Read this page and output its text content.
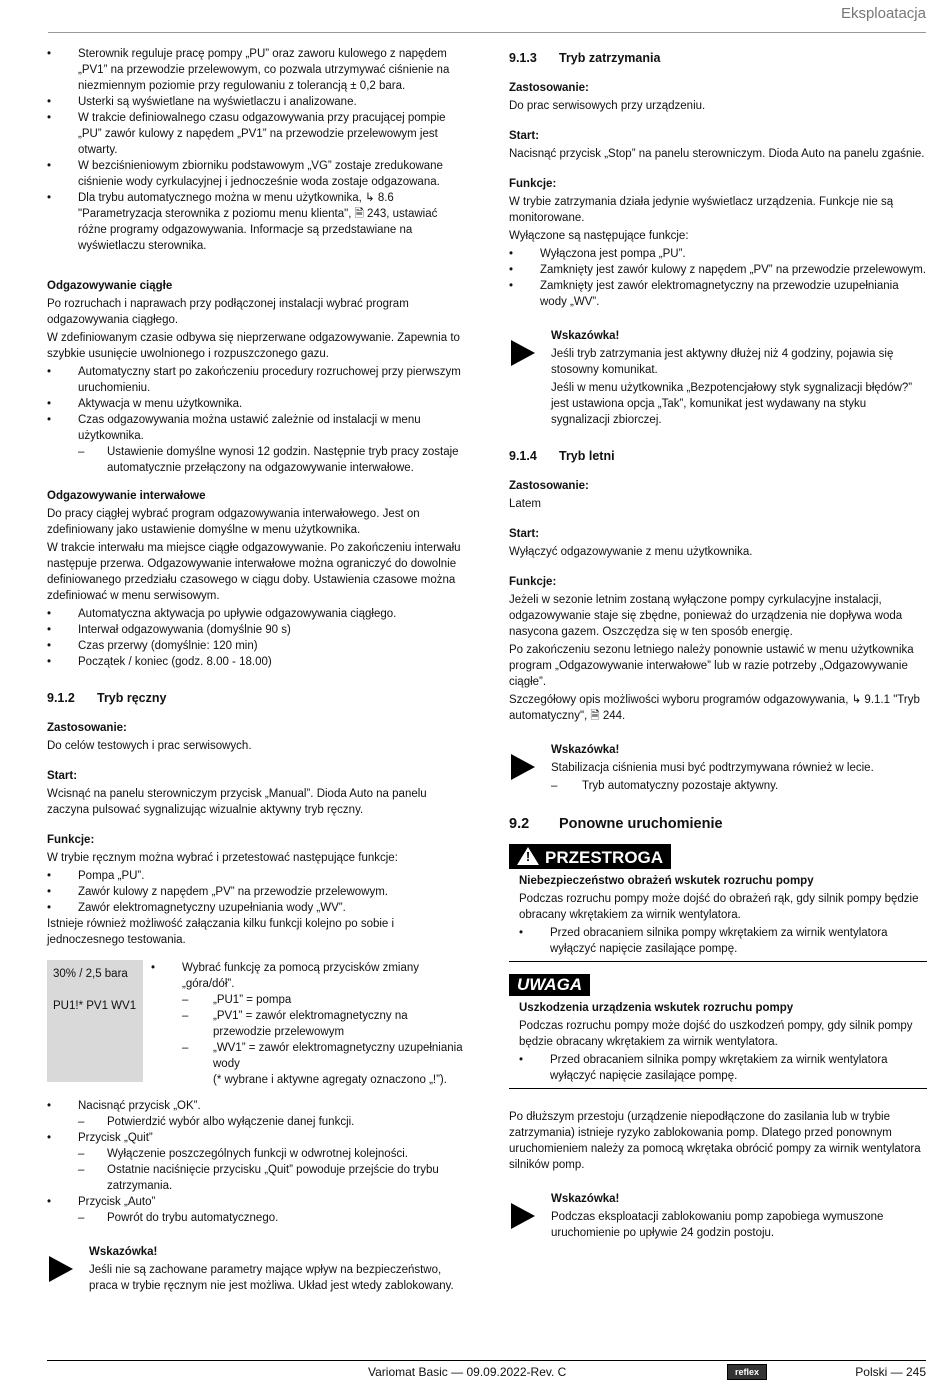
Eksploatacja
• Sterownik reguluje pracę pompy „PU” oraz zaworu kulowego z napędem „PV1” na przewodzie przelewowym, co pozwala utrzymywać ciśnienie na niezmiennym poziomie przy regulowaniu z tolerancją ± 0,2 bara.
• Usterki są wyświetlane na wyświetlaczu i analizowane.
• W trakcie definiowalnego czasu odgazowywania przy pracującej pompie „PU” zawór kulowy z napędem „PV1” na przewodzie przelewowym jest otwarty.
• W bezciśnieniowym zbiorniku podstawowym „VG” zostaje zredukowane ciśnienie wody cyrkulacyjnej i jednocześnie woda zostaje odgazowana.
• Dla trybu automatycznego można w menu użytkownika, ↳ 8.6 "Parametryzacja sterownika z poziomu menu klienta", 🗎 243, ustawiać różne programy odgazowywania. Informacje są przedstawiane na wyświetlaczu sterownika.

Odgazowywanie ciągłe

Po rozruchach i naprawach przy podłączonej instalacji wybrać program odgazowywania ciągłego.

W zdefiniowanym czasie odbywa się nieprzerwane odgazowywanie. Zapewnia to szybkie usunięcie uwolnionego i rozpuszczonego gazu.

• Automatyczny start po zakończeniu procedury rozruchowej przy pierwszym uruchomieniu.
• Aktywacja w menu użytkownika.
• Czas odgazowywania można ustawić zależnie od instalacji w menu użytkownika.
– Ustawienie domyślne wynosi 12 godzin. Następnie tryb pracy zostaje automatycznie przełączony na odgazowywanie interwałowe.

Odgazowywanie interwałowe

Do pracy ciągłej wybrać program odgazowywania interwałowego. Jest on zdefiniowany jako ustawienie domyślne w menu użytkownika.

W trakcie interwału ma miejsce ciągłe odgazowywanie. Po zakończeniu interwału następuje przerwa. Odgazowywanie interwałowe można ograniczyć do dowolnie definiowanego przedziału czasowego w ciągu doby. Ustawienia czasowe można zdefiniować w menu serwisowym.

• Automatyczna aktywacja po upływie odgazowywania ciągłego.
• Interwał odgazowywania (domyślnie 90 s)
• Czas przerwy (domyślnie: 120 min)
• Początek / koniec (godz. 8.00 - 18.00)
9.1.2 Tryb ręczny

Zastosowanie:

Do celów testowych i prac serwisowych.

Start:

Wcisnąć na panelu sterowniczym przycisk „Manual”. Dioda Auto na panelu zaczyna pulsować sygnalizując wizualnie aktywny tryb ręczny.

Funkcje:

W trybie ręcznym można wybrać i przetestować następujące funkcje:

• Pompa „PU”.
• Zawór kulowy z napędem „PV” na przewodzie przelewowym.
• Zawór elektromagnetyczny uzupełniania wody „WV”.

Istnieje również możliwość załączania kilku funkcji kolejno po sobie i jednoczesnego testowania.

30% / 2,5 bara
PU1!* PV1 WV1
• Wybrać funkcję za pomocą przycisków zmiany „góra/dół”.
– „PU1” = pompa
– „PV1” = zawór elektromagnetyczny na przewodzie przelewowym
– „WV1” = zawór elektromagnetyczny uzupełniania wody

(* wybrane i aktywne agregaty oznaczono „!”).

• Nacisnąć przycisk „OK”.
– Potwierdzić wybór albo wyłączenie danej funkcji.
• Przycisk „Quit”
– Wyłączenie poszczególnych funkcji w odwrotnej kolejności.
– Ostatnie naciśnięcie przycisku „Quit” powoduje przejście do trybu zatrzymania.
• Przycisk „Auto”
– Powrót do trybu automatycznego.

Wskazówka!

Jeśli nie są zachowane parametry mające wpływ na bezpieczeństwo, praca w trybie ręcznym nie jest możliwa. Układ jest wtedy zablokowany.

9.1.3 Tryb zatrzymania

Zastosowanie:

Do prac serwisowych przy urządzeniu.

Start:

Nacisnąć przycisk „Stop” na panelu sterowniczym. Dioda Auto na panelu zgaśnie.

Funkcje:

W trybie zatrzymania działa jedynie wyświetlacz urządzenia. Funkcje nie są monitorowane.

Wyłączone są następujące funkcje:

• Wyłączona jest pompa „PU”.
• Zamknięty jest zawór kulowy z napędem „PV” na przewodzie przelewowym.
• Zamknięty jest zawór elektromagnetyczny na przewodzie uzupełniania wody „WV”.

Wskazówka!

Jeśli tryb zatrzymania jest aktywny dłużej niż 4 godziny, pojawia się stosowny komunikat.

Jeśli w menu użytkownika „Bezpotencjałowy styk sygnalizacji błędów?” jest ustawiona opcja „Tak”, komunikat jest wydawany na styku sygnalizacji zbiorczej.

9.1.4 Tryb letni

Zastosowanie:

Latem

Start:

Wyłączyć odgazowywanie z menu użytkownika.

Funkcje:

Jeżeli w sezonie letnim zostaną wyłączone pompy cyrkulacyjne instalacji, odgazowywanie staje się zbędne, ponieważ do urządzenia nie dopływa woda nasycona gazem. Oszczędza się w ten sposób energię.

Po zakończeniu sezonu letniego należy ponownie ustawić w menu użytkownika program „Odgazowywanie interwałowe” lub w razie potrzeby „Odgazowywanie ciągłe”.

Szczegółowy opis możliwości wyboru programów odgazowywania, ↳ 9.1.1 "Tryb automatyczny", 🗎 244.

Wskazówka!

Stabilizacja ciśnienia musi być podtrzymywana również w lecie.

– Tryb automatyczny pozostaje aktywny.
9.2 Ponowne uruchomienie
! PRZESTROGA

Niebezpieczeństwo obrażeń wskutek rozruchu pompy

Podczas rozruchu pompy może dojść do obrażeń rąk, gdy silnik pompy będzie obracany wkrętakiem za wirnik wentylatora.

• Przed obracaniem silnika pompy wkrętakiem za wirnik wentylatora wyłączyć napięcie zasilające pompę.
UWAGA

Uszkodzenia urządzenia wskutek rozruchu pompy

Podczas rozruchu pompy może dojść do uszkodzeń pompy, gdy silnik pompy będzie obracany wkrętakiem za wirnik wentylatora.

• Przed obracaniem silnika pompy wkrętakiem za wirnik wentylatora wyłączyć napięcie zasilające pompę.

Po dłuższym przestoju (urządzenie niepodłączone do zasilania lub w trybie zatrzymania) istnieje ryzyko zablokowania pomp. Dlatego przed ponownym uruchomieniem należy za pomocą wkrętaka obrócić pompy za wirnik wentylatora silników pomp.

Wskazówka!

Podczas eksploatacji zablokowaniu pomp zapobiega wymuszone uruchomienie po upływie 24 godzin postoju.

Variomat Basic — 09.09.2022-Rev. C	reflex	Polski — 245
